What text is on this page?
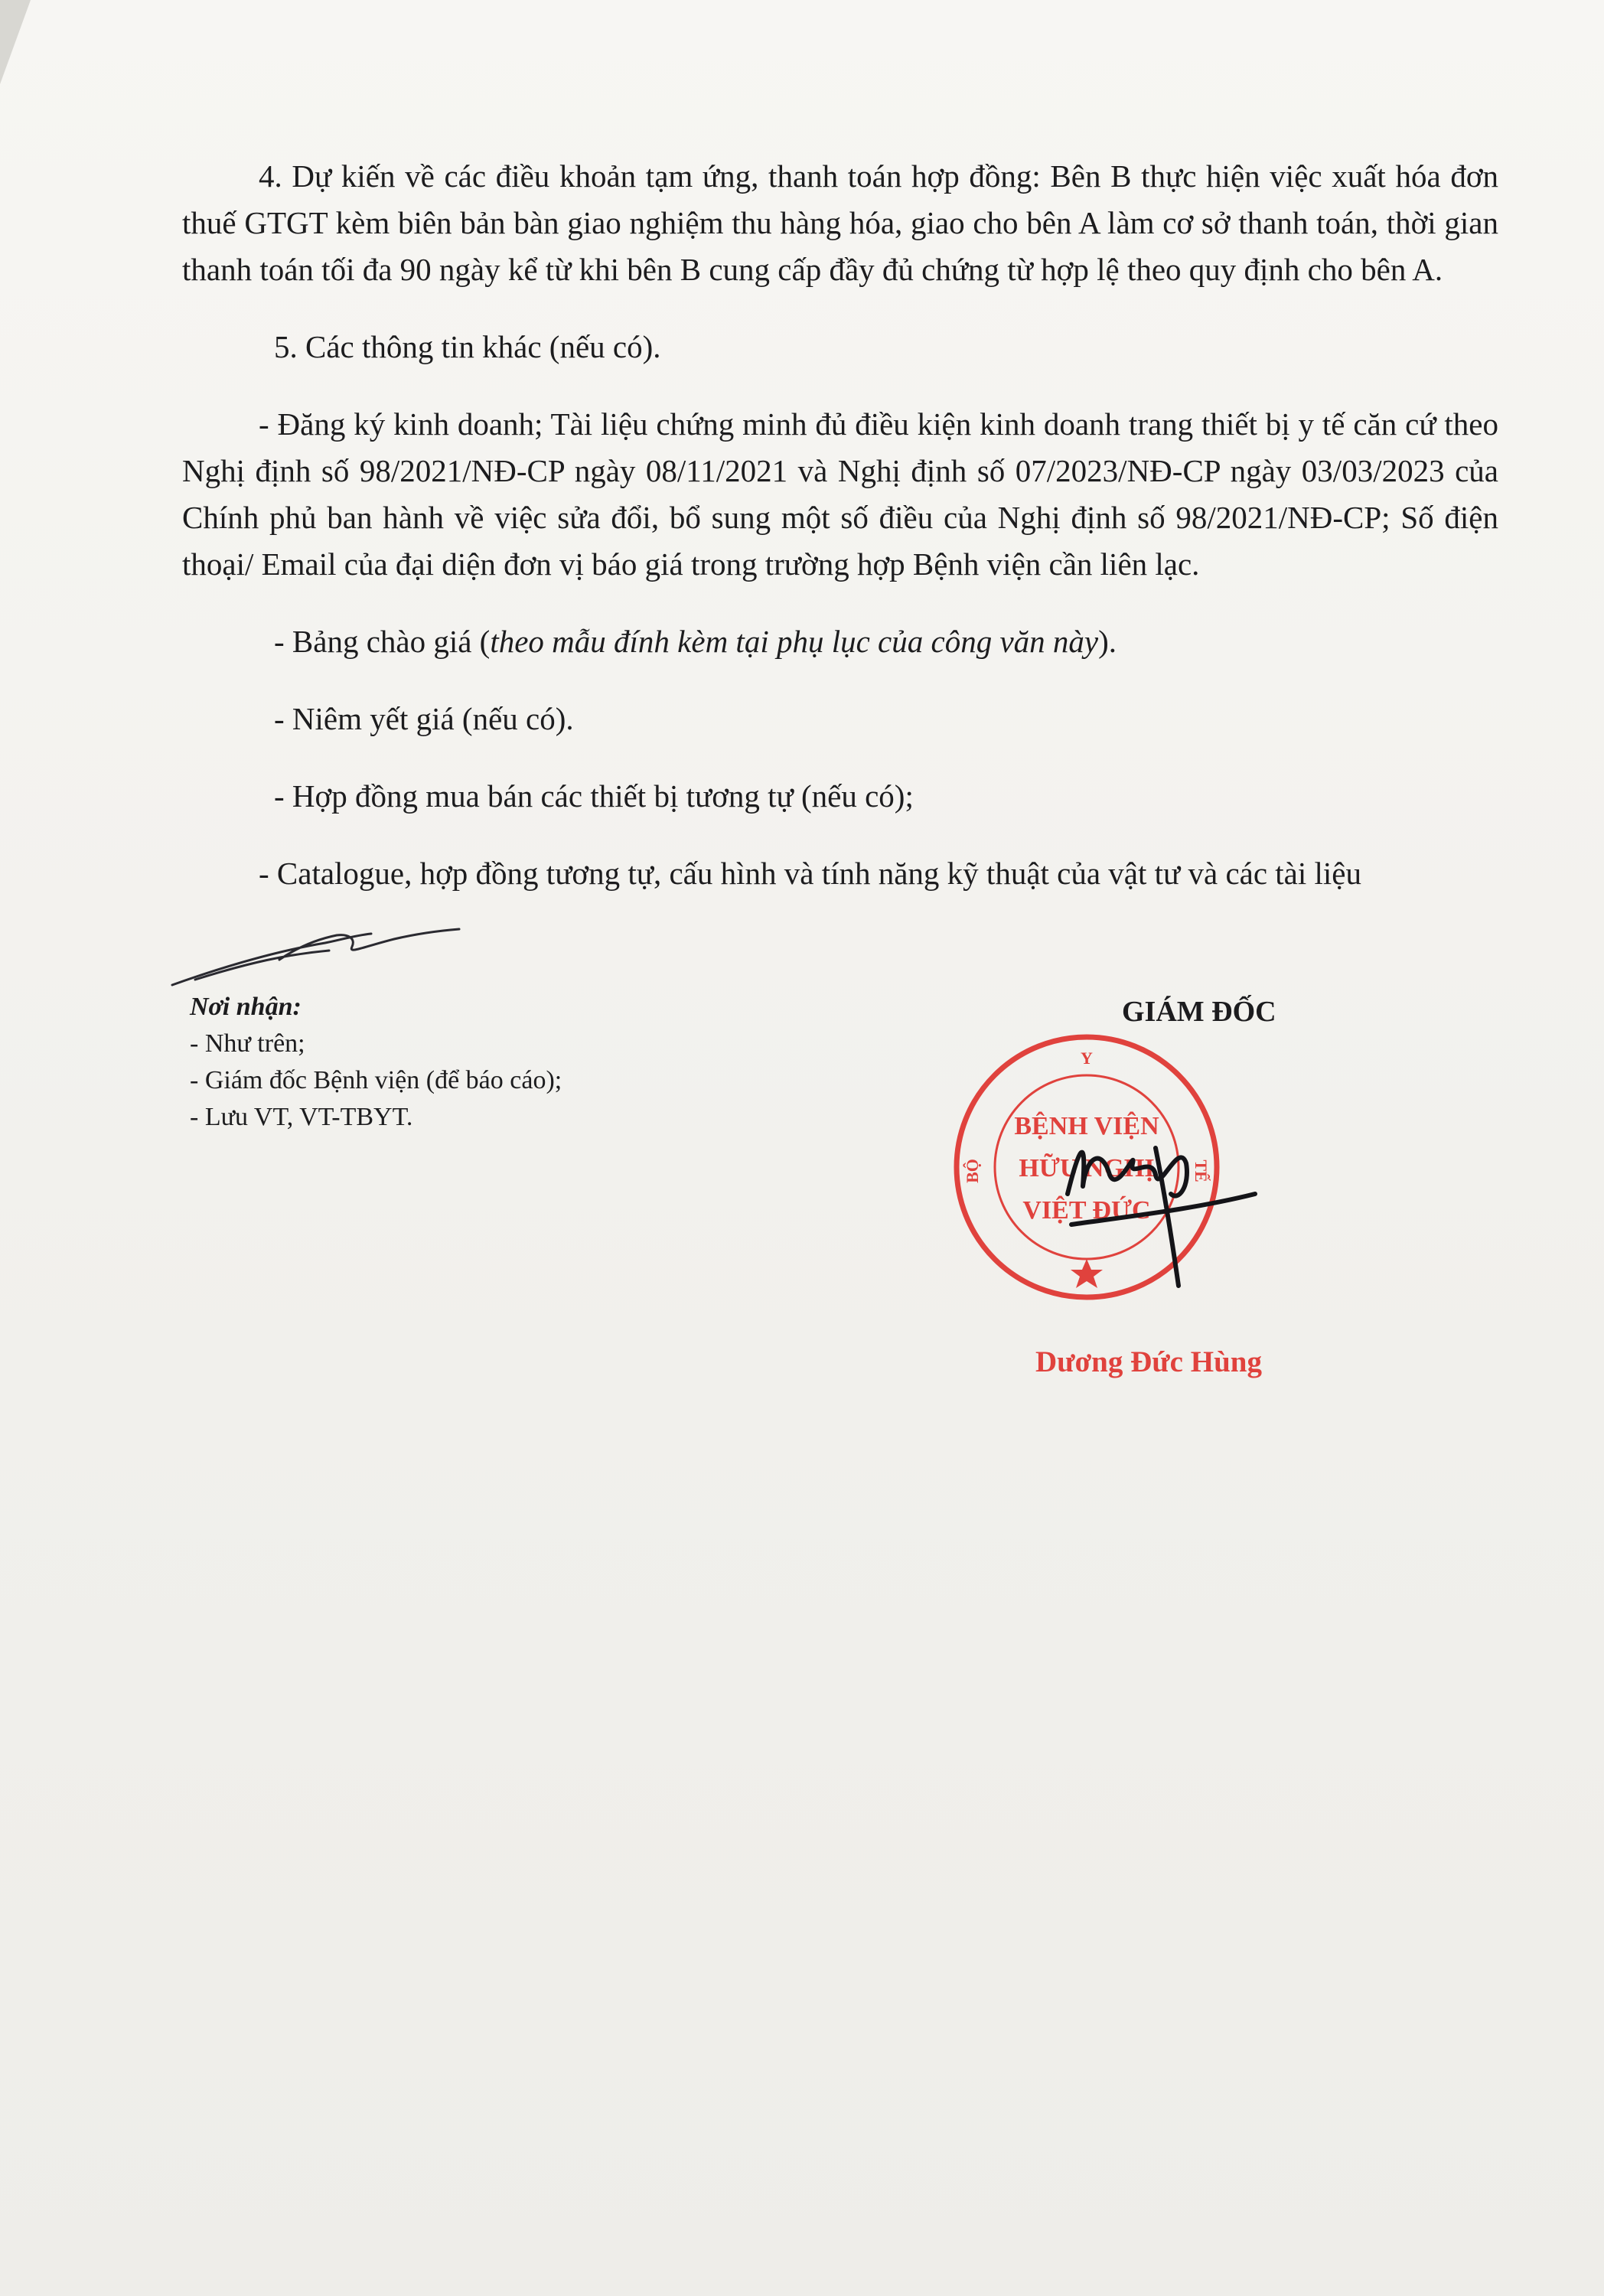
4. Dự kiến về các điều khoản tạm ứng, thanh toán hợp đồng: Bên B thực hiện việc xuất hóa đơn thuế GTGT kèm biên bản bàn giao nghiệm thu hàng hóa, giao cho bên A làm cơ sở thanh toán, thời gian thanh toán tối đa 90 ngày kể từ khi bên B cung cấp đầy đủ chứng từ hợp lệ theo quy định cho bên A.

5. Các thông tin khác (nếu có).

- Đăng ký kinh doanh; Tài liệu chứng minh đủ điều kiện kinh doanh trang thiết bị y tế căn cứ theo Nghị định số 98/2021/NĐ-CP ngày 08/11/2021 và Nghị định số 07/2023/NĐ-CP ngày 03/03/2023 của Chính phủ ban hành về việc sửa đổi, bổ sung một số điều của Nghị định số 98/2021/NĐ-CP; Số điện thoại/ Email của đại diện đơn vị báo giá trong trường hợp Bệnh viện cần liên lạc.

- Bảng chào giá (theo mẫu đính kèm tại phụ lục của công văn này).

- Niêm yết giá (nếu có).

- Hợp đồng mua bán các thiết bị tương tự (nếu có);

- Catalogue, hợp đồng tương tự, cấu hình và tính năng kỹ thuật của vật tư và các tài liệu

Nơi nhận:
- Như trên;
- Giám đốc Bệnh viện (để báo cáo);
- Lưu VT, VT-TBYT.
GIÁM ĐỐC
Y
BỘ	TẾ
BỆNH VIỆN
HỮU NGHỊ
VIỆT ĐỨC
Dương Đức Hùng
